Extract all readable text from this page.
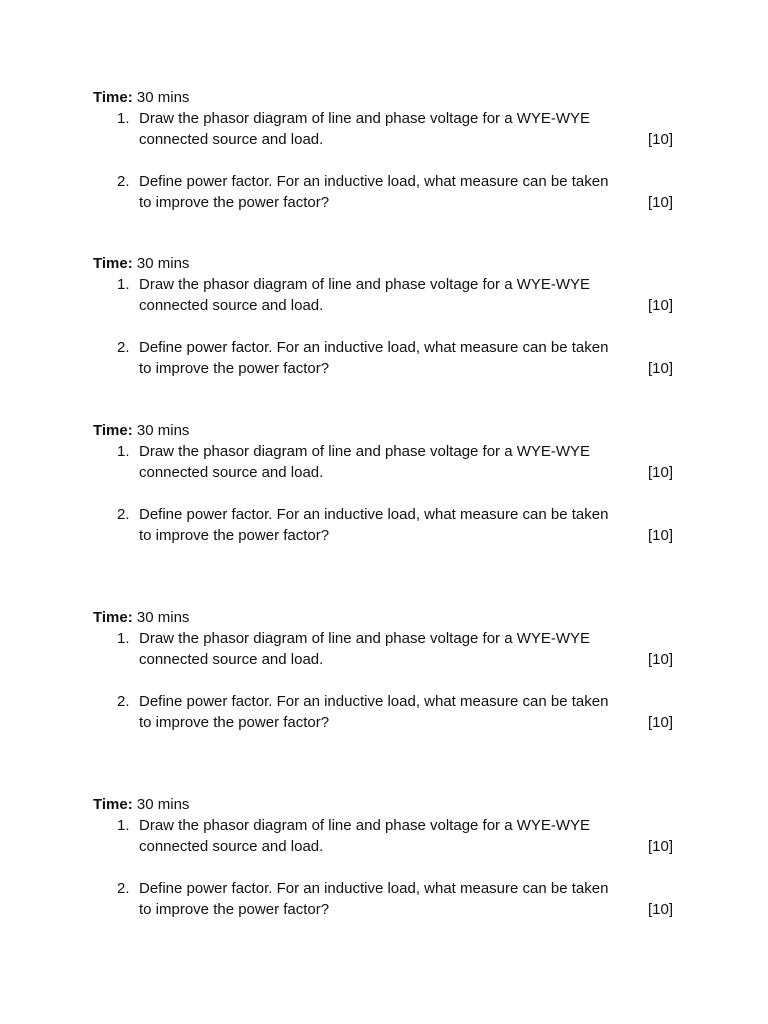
Time: 30 mins
1. Draw the phasor diagram of line and phase voltage for a WYE-WYE
connected source and load.	[10]
2. Define power factor. For an inductive load, what measure can be taken
to improve the power factor?	[10]
Time: 30 mins
1. Draw the phasor diagram of line and phase voltage for a WYE-WYE
connected source and load.	[10]
2. Define power factor. For an inductive load, what measure can be taken
to improve the power factor?	[10]
Time: 30 mins
1. Draw the phasor diagram of line and phase voltage for a WYE-WYE
connected source and load.	[10]
2. Define power factor. For an inductive load, what measure can be taken
to improve the power factor?	[10]
Time: 30 mins
1. Draw the phasor diagram of line and phase voltage for a WYE-WYE
connected source and load.	[10]
2. Define power factor. For an inductive load, what measure can be taken
to improve the power factor?	[10]
Time: 30 mins
1. Draw the phasor diagram of line and phase voltage for a WYE-WYE
connected source and load.	[10]
2. Define power factor. For an inductive load, what measure can be taken
to improve the power factor?	[10]
